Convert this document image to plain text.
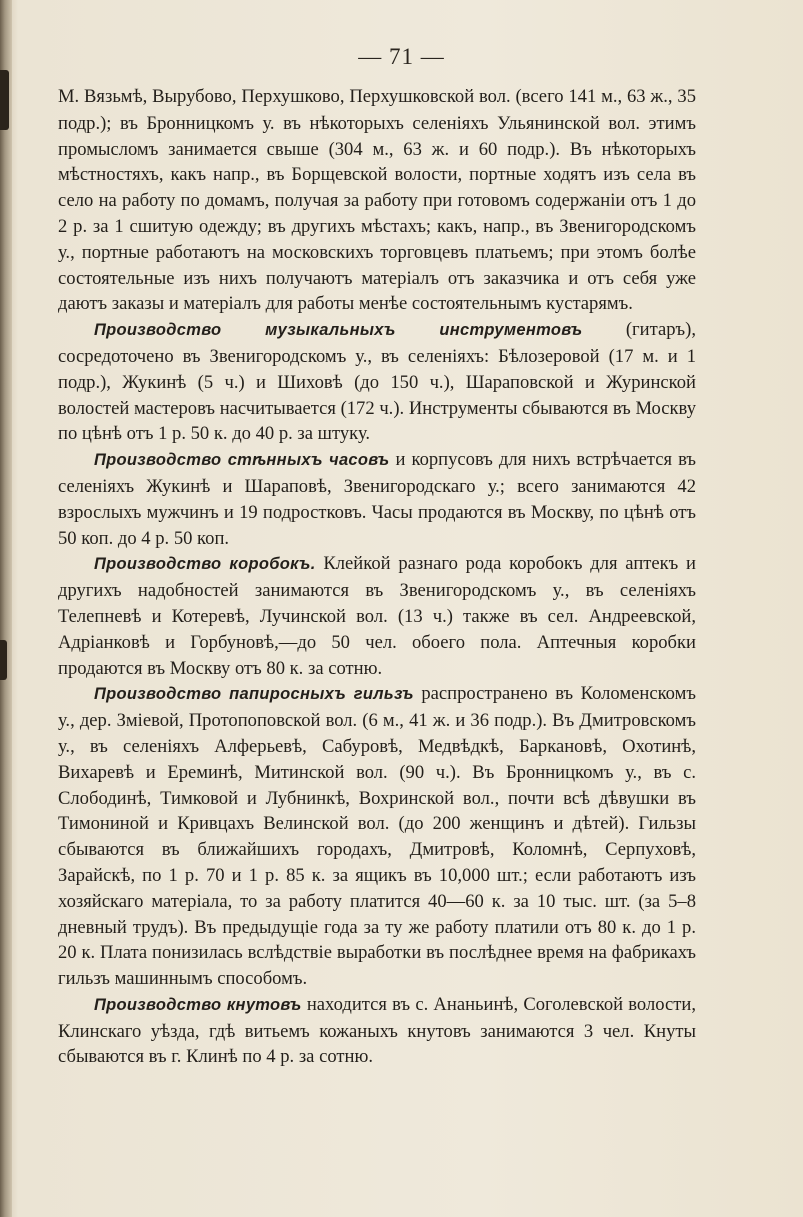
— 71 —

М. Вязьмѣ, Вырубово, Перхушково, Перхушковской вол. (всего 141 м., 63 ж., 35 подр.); въ Бронницкомъ у. въ нѣкоторыхъ селеніяхъ Ульянинской вол. этимъ промысломъ занимается свыше (304 м., 63 ж. и 60 подр.). Въ нѣкоторыхъ мѣстностяхъ, какъ напр., въ Борщевской волости, портные ходятъ изъ села въ село на работу по домамъ, получая за работу при готовомъ содержаніи отъ 1 до 2 р. за 1 сшитую одежду; въ другихъ мѣстахъ; какъ, напр., въ Звенигородскомъ у., портные работаютъ на московскихъ торговцевъ платьемъ; при этомъ болѣе состоятельные изъ нихъ получаютъ матеріалъ отъ заказчика и отъ себя уже даютъ заказы и матеріалъ для работы менѣе состоятельнымъ кустарямъ.

Производство музыкальныхъ инструментовъ (гитаръ), сосредоточено въ Звенигородскомъ у., въ селеніяхъ: Бѣлозеровой (17 м. и 1 подр.), Жукинѣ (5 ч.) и Шиховѣ (до 150 ч.), Шараповской и Журинской волостей мастеровъ насчитывается (172 ч.). Инструменты сбываются въ Москву по цѣнѣ отъ 1 р. 50 к. до 40 р. за штуку.

Производство стѣнныхъ часовъ и корпусовъ для нихъ встрѣчается въ селеніяхъ Жукинѣ и Шараповѣ, Звенигородскаго у.; всего занимаются 42 взрослыхъ мужчинъ и 19 подростковъ. Часы продаются въ Москву, по цѣнѣ отъ 50 коп. до 4 р. 50 коп.

Производство коробокъ. Клейкой разнаго рода коробокъ для аптекъ и другихъ надобностей занимаются въ Звенигородскомъ у., въ селеніяхъ Телепневѣ и Котеревѣ, Лучинской вол. (13 ч.) также въ сел. Андреевской, Адріанковѣ и Горбуновѣ,—до 50 чел. обоего пола. Аптечныя коробки продаются въ Москву отъ 80 к. за сотню.

Производство папиросныхъ гильзъ распространено въ Коломенскомъ у., дер. Зміевой, Протопоповской вол. (6 м., 41 ж. и 36 подр.). Въ Дмитровскомъ у., въ селеніяхъ Алферьевѣ, Сабуровѣ, Медвѣдкѣ, Баркановѣ, Охотинѣ, Вихаревѣ и Ереминѣ, Митинской вол. (90 ч.). Въ Бронницкомъ у., въ с. Слободинѣ, Тимковой и Лубнинкѣ, Вохринской вол., почти всѣ дѣвушки въ Тимониной и Кривцахъ Велинской вол. (до 200 женщинъ и дѣтей). Гильзы сбываются въ ближайшихъ городахъ, Дмитровѣ, Коломнѣ, Серпуховѣ, Зарайскѣ, по 1 р. 70 и 1 р. 85 к. за ящикъ въ 10,000 шт.; если работаютъ изъ хозяйскаго матеріала, то за работу платится 40—60 к. за 10 тыс. шт. (за 5–8 дневный трудъ). Въ предыдущіе года за ту же работу платили отъ 80 к. до 1 р. 20 к. Плата понизилась вслѣдствіе выработки въ послѣднее время на фабрикахъ гильзъ машиннымъ способомъ.

Производство кнутовъ находится въ с. Ананьинѣ, Соголевской волости, Клинскаго уѣзда, гдѣ витьемъ кожаныхъ кнутовъ занимаются 3 чел. Кнуты сбываются въ г. Клинѣ по 4 р. за сотню.
